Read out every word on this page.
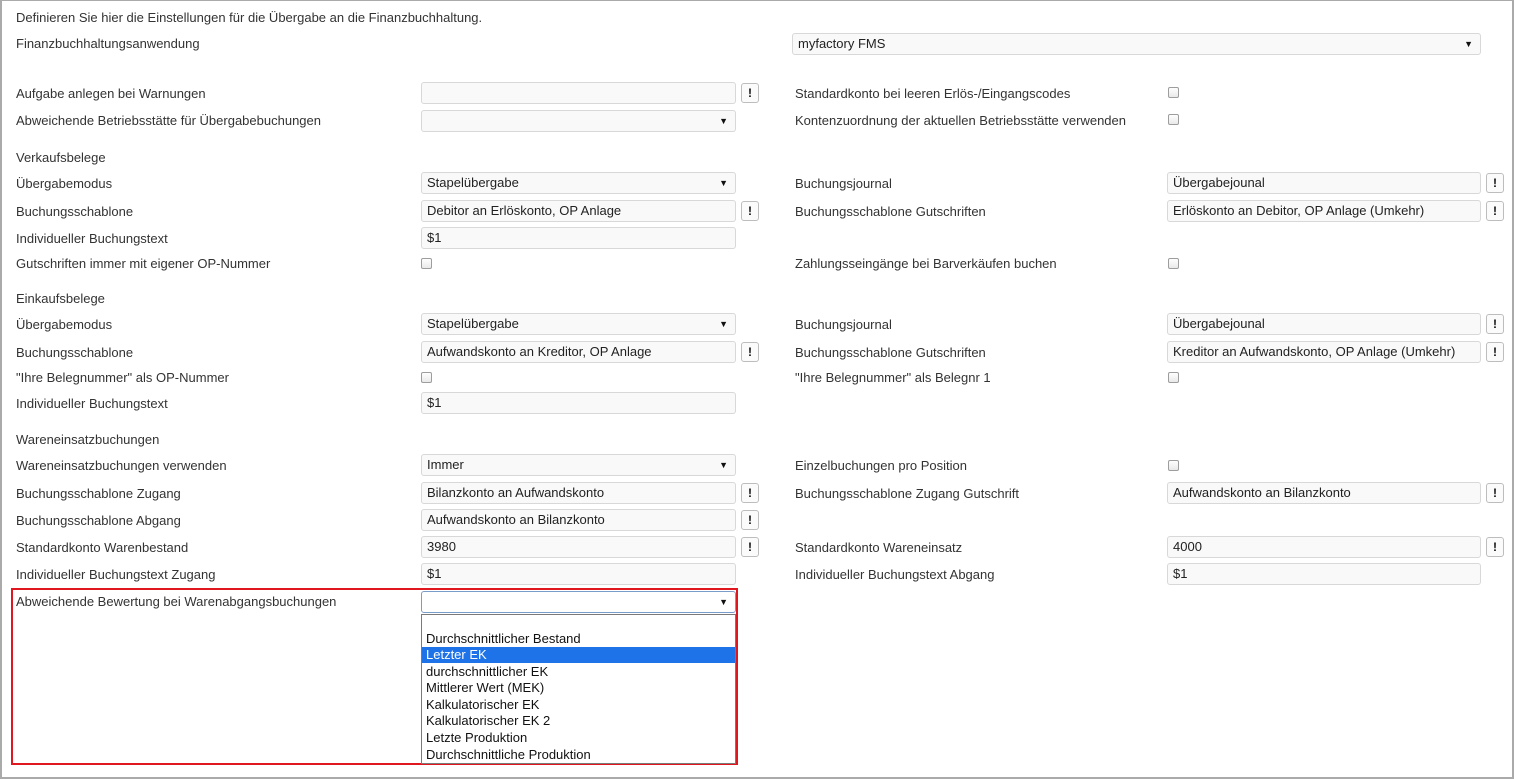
Definieren Sie hier die Einstellungen für die Übergabe an die Finanzbuchhaltung.
Finanzbuchhaltungsanwendung	myfactory FMS	▼
Aufgabe anlegen bei Warnungen	!	Standardkonto bei leeren Erlös-/Eingangscodes
Abweichende Betriebsstätte für Übergabebuchungen	▼	Kontenzuordnung der aktuellen Betriebsstätte verwenden
Verkaufsbelege
Übergabemodus	Stapelübergabe	▼	Buchungsjournal	Übergabejounal	!
Buchungsschablone	Debitor an Erlöskonto, OP Anlage	!	Buchungsschablone Gutschriften	Erlöskonto an Debitor, OP Anlage (Umkehr)	!
Individueller Buchungstext	$1
Gutschriften immer mit eigener OP-Nummer	Zahlungsseingänge bei Barverkäufen buchen
Einkaufsbelege
Übergabemodus	Stapelübergabe	▼	Buchungsjournal	Übergabejounal	!
Buchungsschablone	Aufwandskonto an Kreditor, OP Anlage	!	Buchungsschablone Gutschriften	Kreditor an Aufwandskonto, OP Anlage (Umkehr)	!
"Ihre Belegnummer" als OP-Nummer	"Ihre Belegnummer" als Belegnr 1
Individueller Buchungstext	$1
Wareneinsatzbuchungen
Wareneinsatzbuchungen verwenden	Immer	▼	Einzelbuchungen pro Position
Buchungsschablone Zugang	Bilanzkonto an Aufwandskonto	!	Buchungsschablone Zugang Gutschrift	Aufwandskonto an Bilanzkonto	!
Buchungsschablone Abgang	Aufwandskonto an Bilanzkonto	!
Standardkonto Warenbestand	3980	!	Standardkonto Wareneinsatz	4000	!
Individueller Buchungstext Zugang	$1	Individueller Buchungstext Abgang	$1
Abweichende Bewertung bei Warenabgangsbuchungen	▼
Durchschnittlicher Bestand
Letzter EK
durchschnittlicher EK
Mittlerer Wert (MEK)
Kalkulatorischer EK
Kalkulatorischer EK 2
Letzte Produktion
Durchschnittliche Produktion
